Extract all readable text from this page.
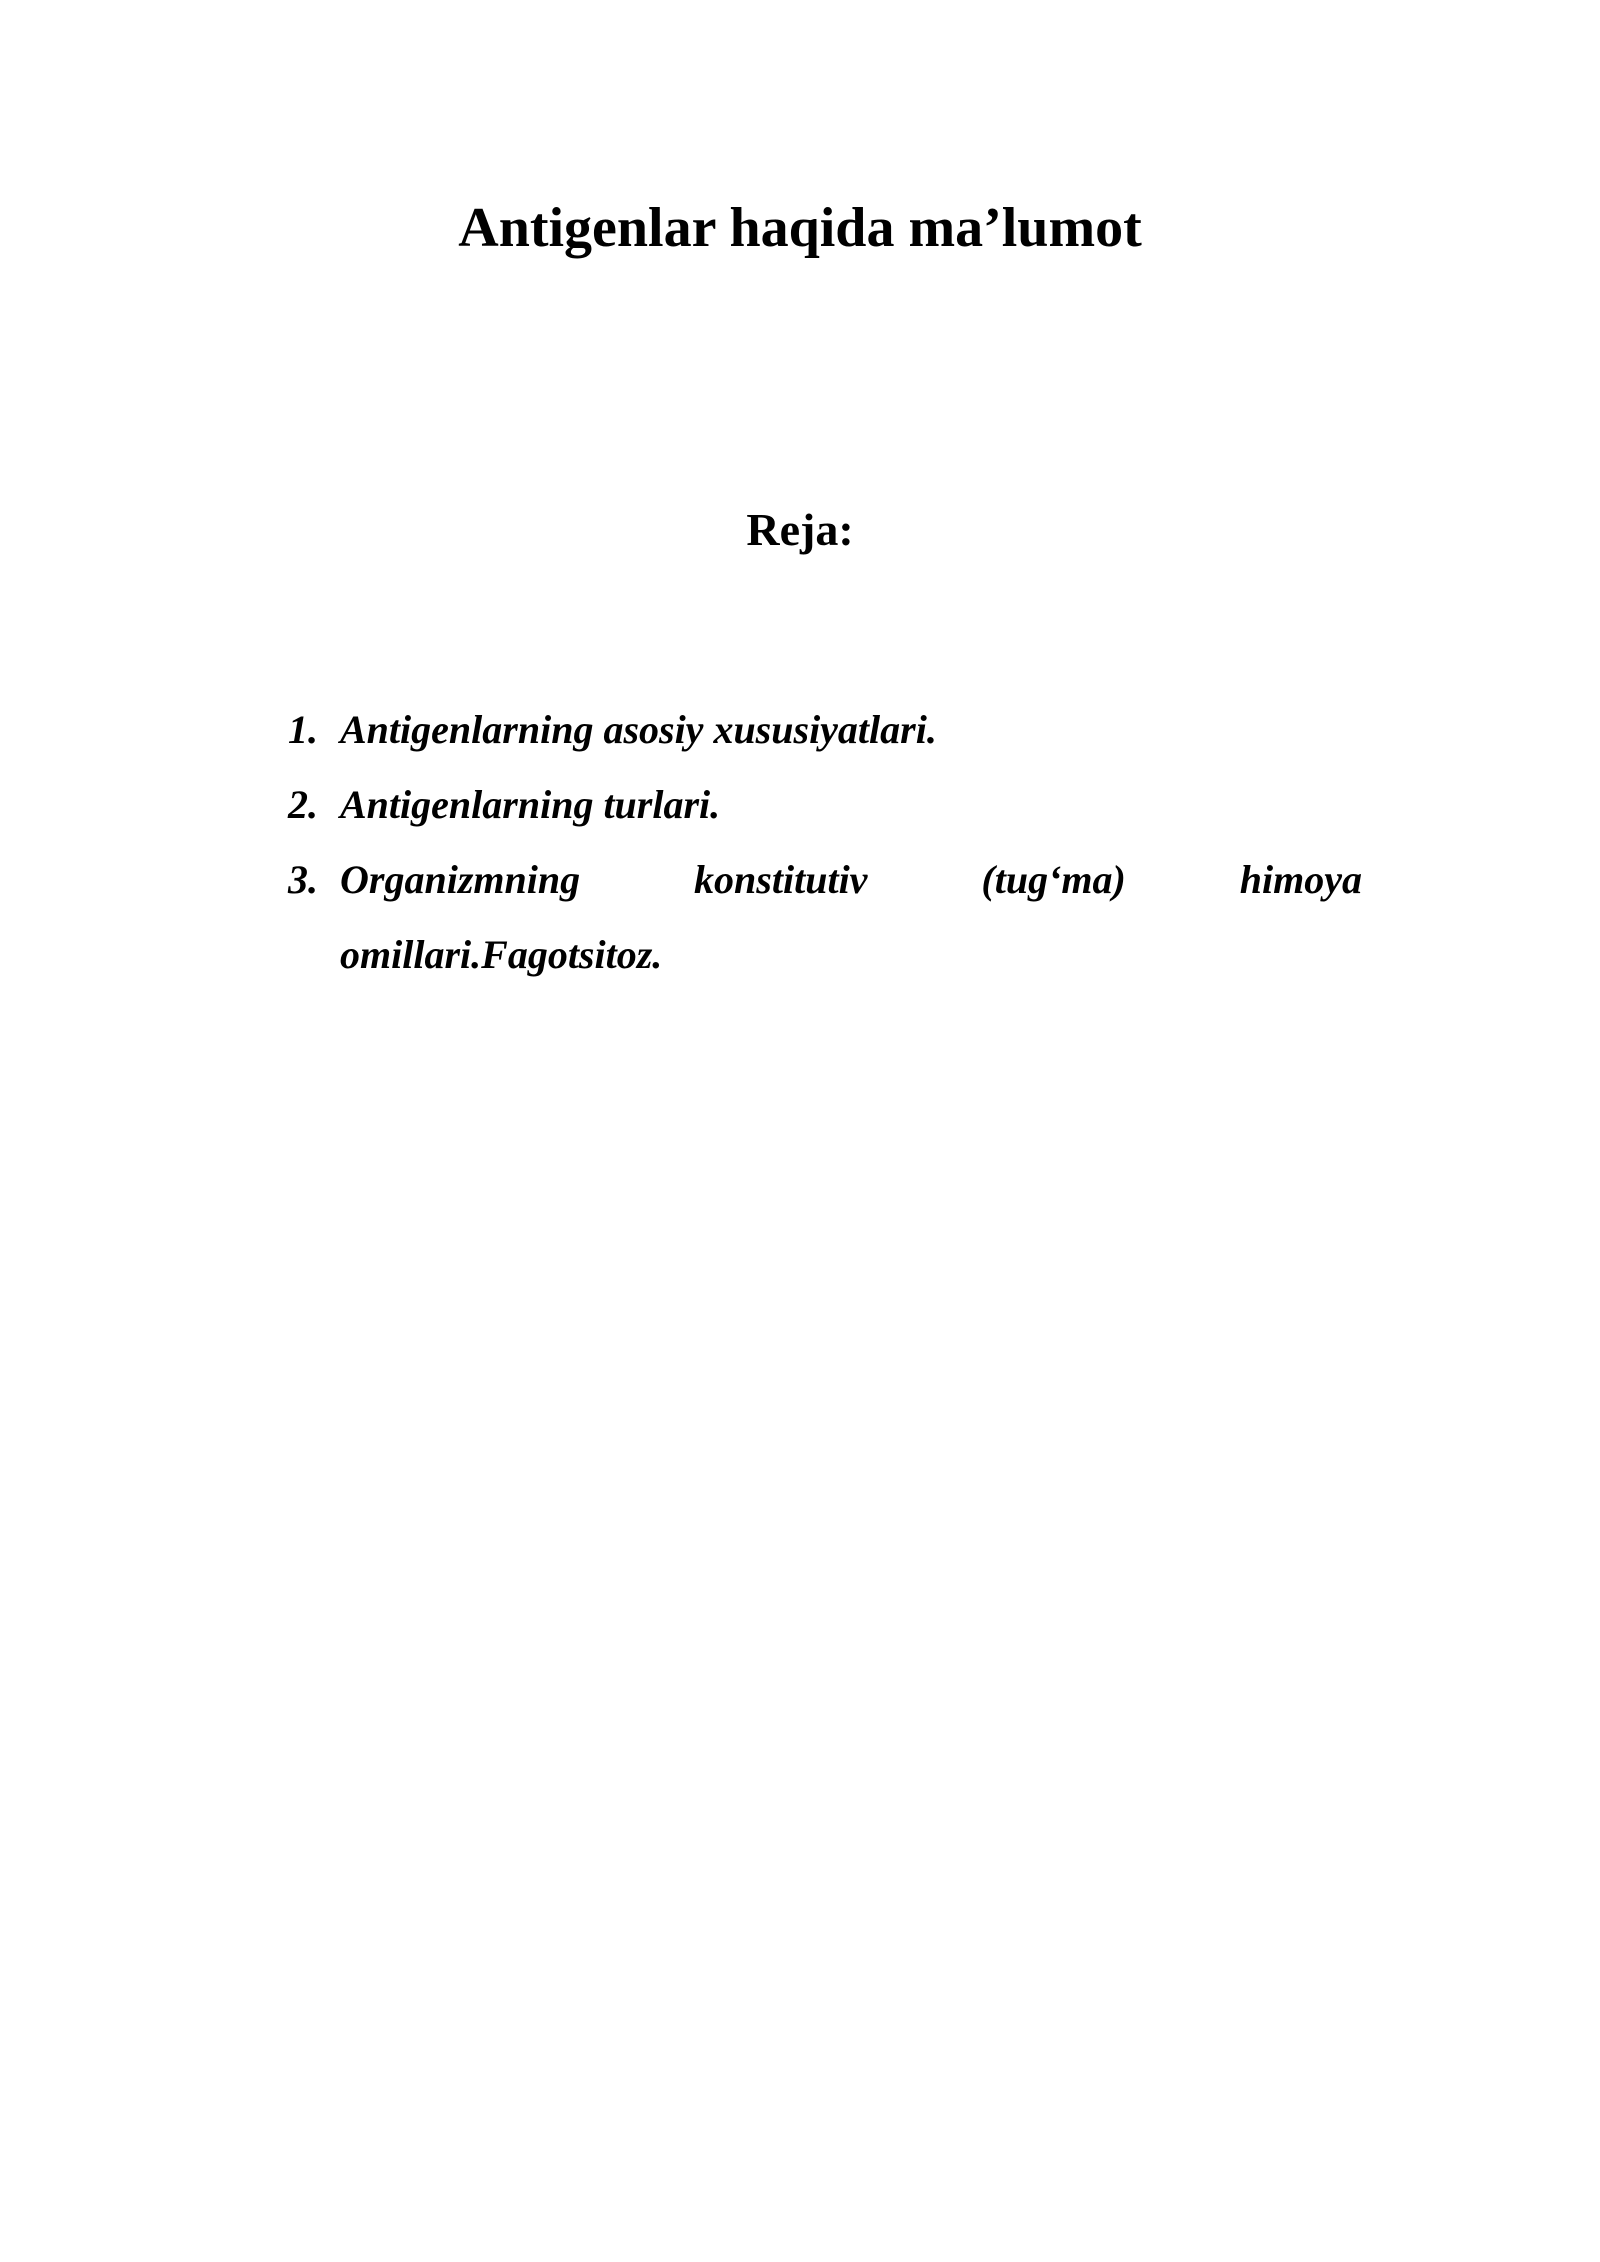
Antigenlar haqida ma’lumot
Reja:
1. Antigenlarning asosiy xususiyatlari.
2. Antigenlarning turlari.
3. Organizmning konstitutiv (tug‘ma) himoya
omillari.Fagotsitoz.
